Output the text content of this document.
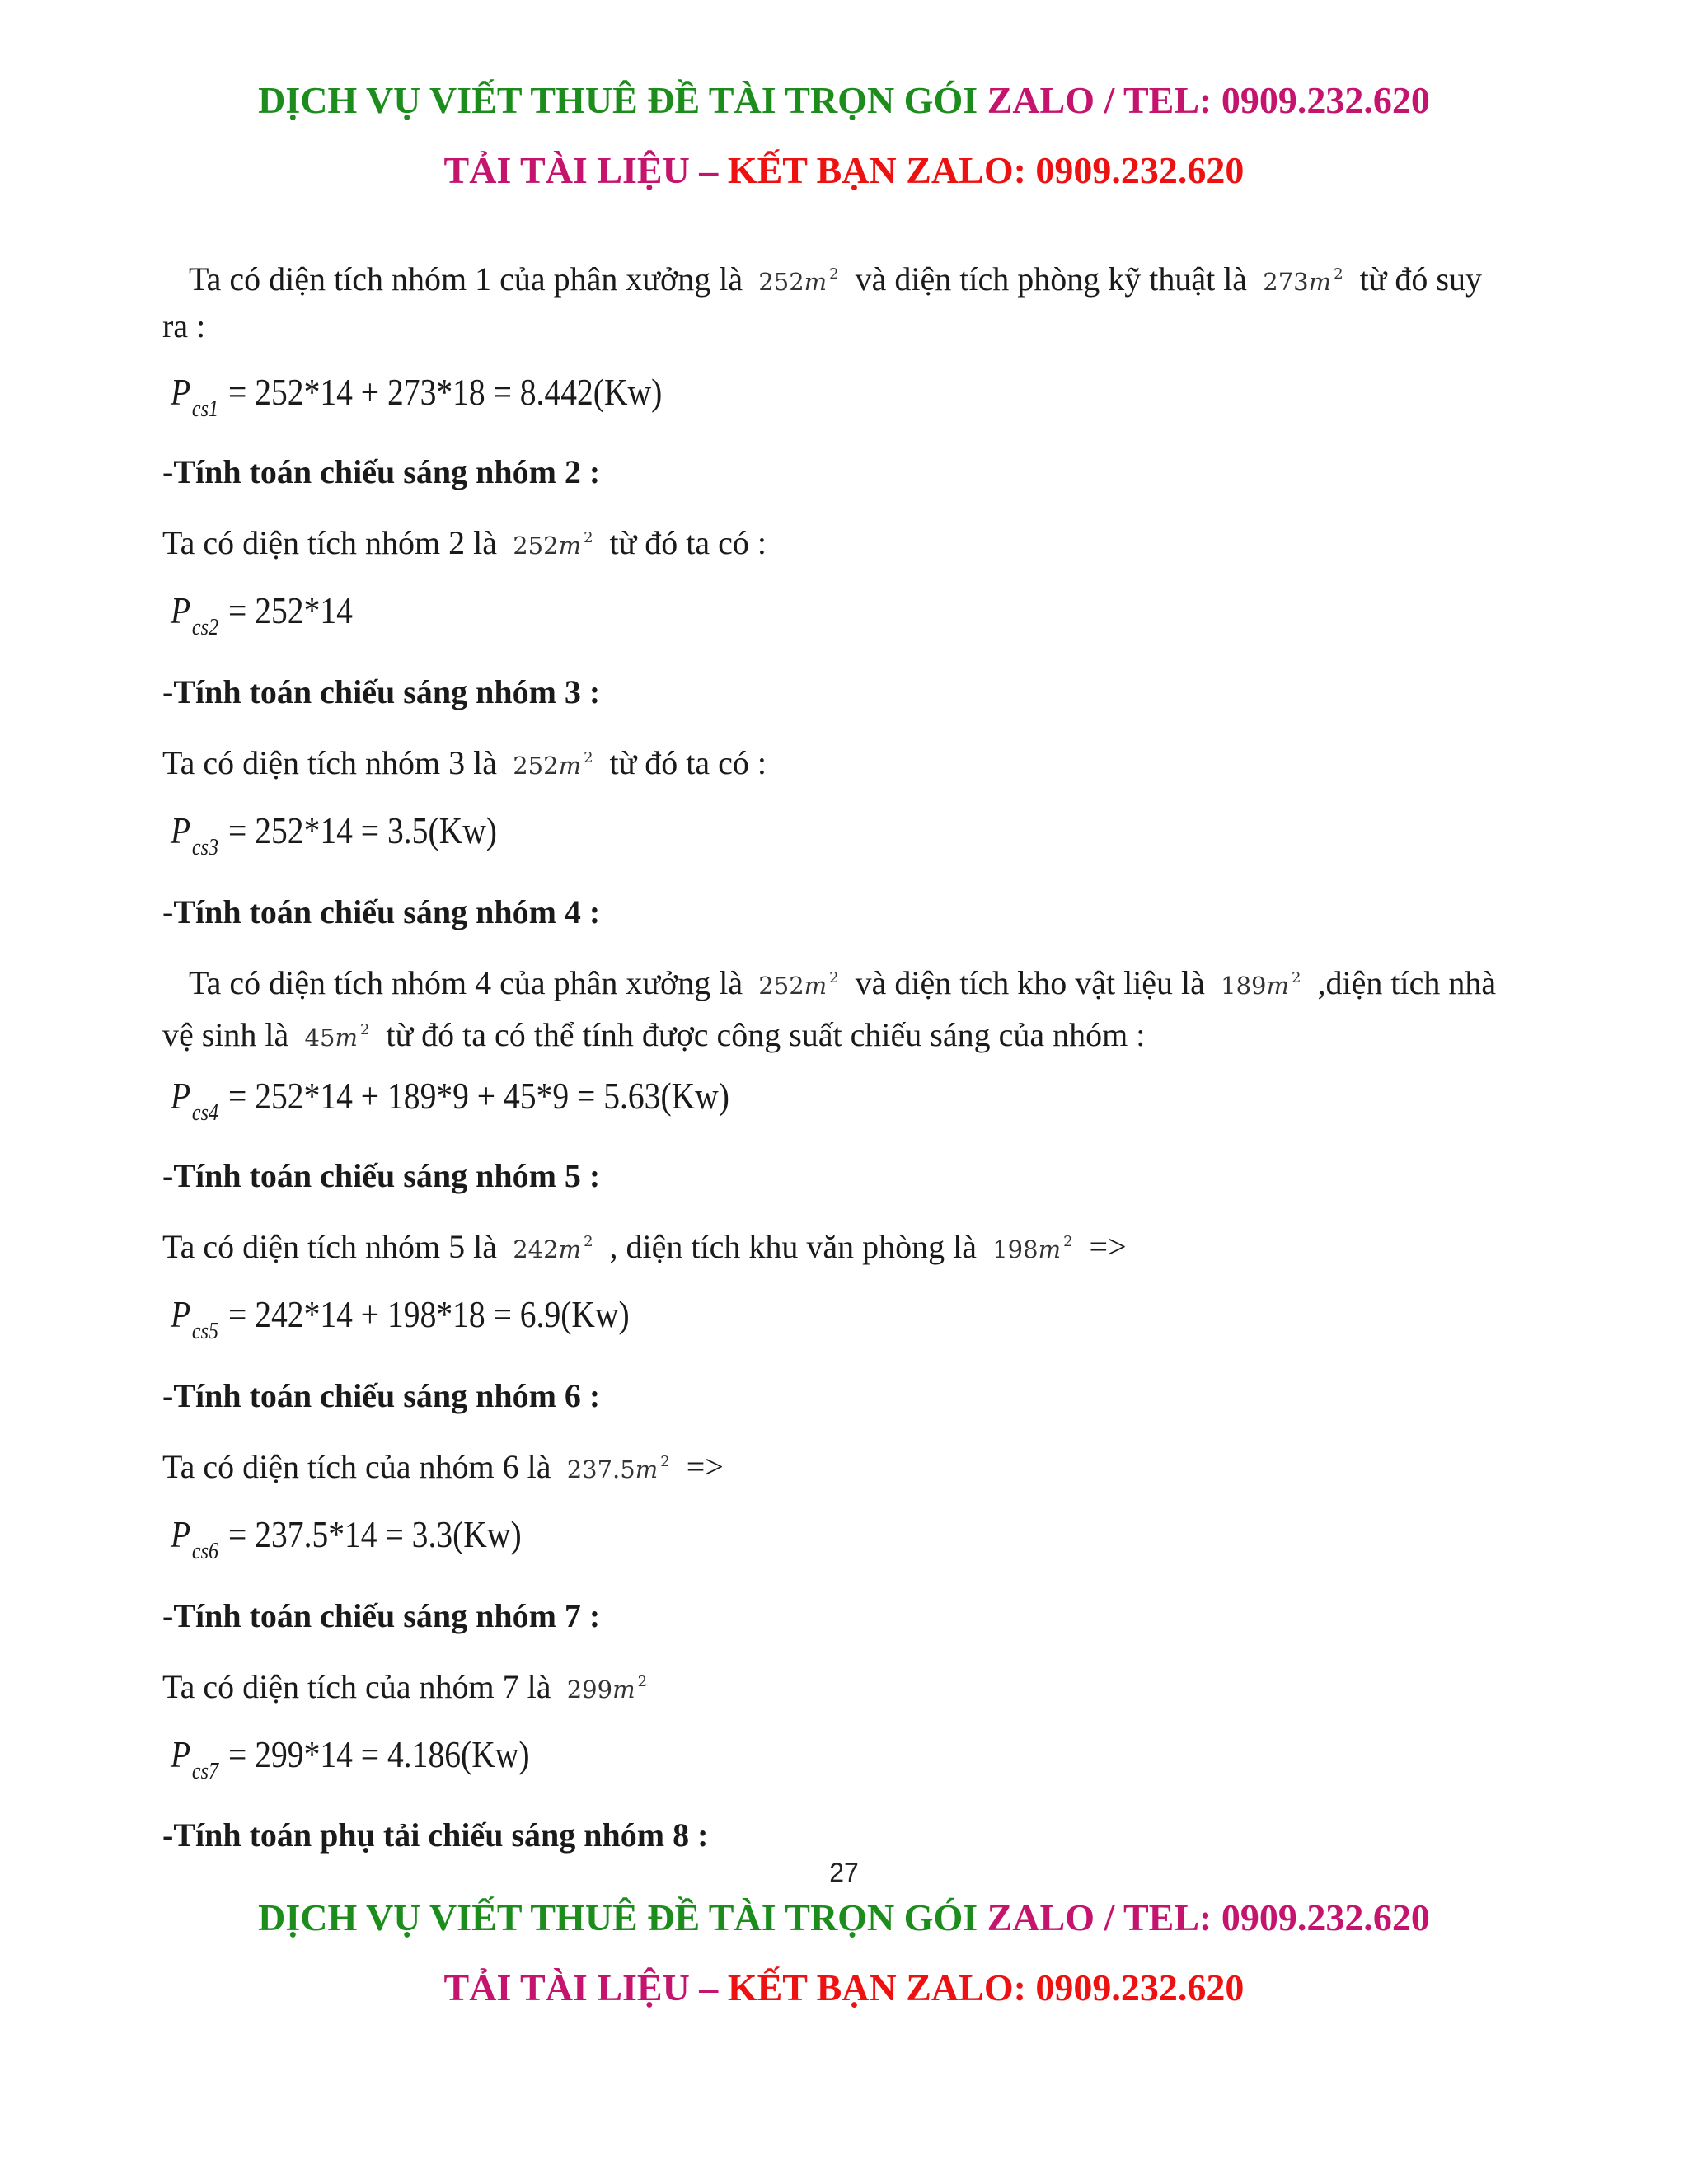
DỊCH VỤ VIẾT THUÊ ĐỀ TÀI TRỌN GÓI ZALO / TEL: 0909.232.620
TẢI TÀI LIỆU – KẾT BẠN ZALO: 0909.232.620
Ta có diện tích nhóm 1 của phân xưởng là 252m $^2$ và diện tích phòng kỹ thuật là 273m $^2$ từ đó suy ra :
$P_{cs1} = 252*14 + 273*18 = 8.442(Kw)$
-Tính toán chiếu sáng nhóm 2 :
Ta có diện tích nhóm 2 là 252m $^2$ từ đó ta có :
$P_{cs2} = 252*14$
-Tính toán chiếu sáng nhóm 3 :
Ta có diện tích nhóm 3 là 252m $^2$ từ đó ta có :
$P_{cs3} = 252*14 = 3.5(Kw)$
-Tính toán chiếu sáng nhóm 4 :
Ta có diện tích nhóm 4 của phân xưởng là 252m $^2$ và diện tích kho vật liệu là 189m $^2$ ,diện tích nhà vệ sinh là 45m $^2$ từ đó ta có thể tính được công suất chiếu sáng của nhóm :
$P_{cs4} = 252*14 + 189*9 + 45*9 = 5.63(Kw)$
-Tính toán chiếu sáng nhóm 5 :
Ta có diện tích nhóm 5 là 242m $^2$ , diện tích khu văn phòng là 198m $^2$ =>
$P_{cs5} = 242*14 + 198*18 = 6.9(Kw)$
-Tính toán chiếu sáng nhóm 6 :
Ta có diện tích của nhóm 6 là 237.5m $^2$ =>
$P_{cs6} = 237.5*14 = 3.3(Kw)$
-Tính toán chiếu sáng nhóm 7 :
Ta có diện tích của nhóm 7 là 299m $^2$
$P_{cs7} = 299*14 = 4.186(Kw)$
-Tính toán phụ tải chiếu sáng nhóm 8 :
27
DỊCH VỤ VIẾT THUÊ ĐỀ TÀI TRỌN GÓI ZALO / TEL: 0909.232.620
TẢI TÀI LIỆU – KẾT BẠN ZALO: 0909.232.620
